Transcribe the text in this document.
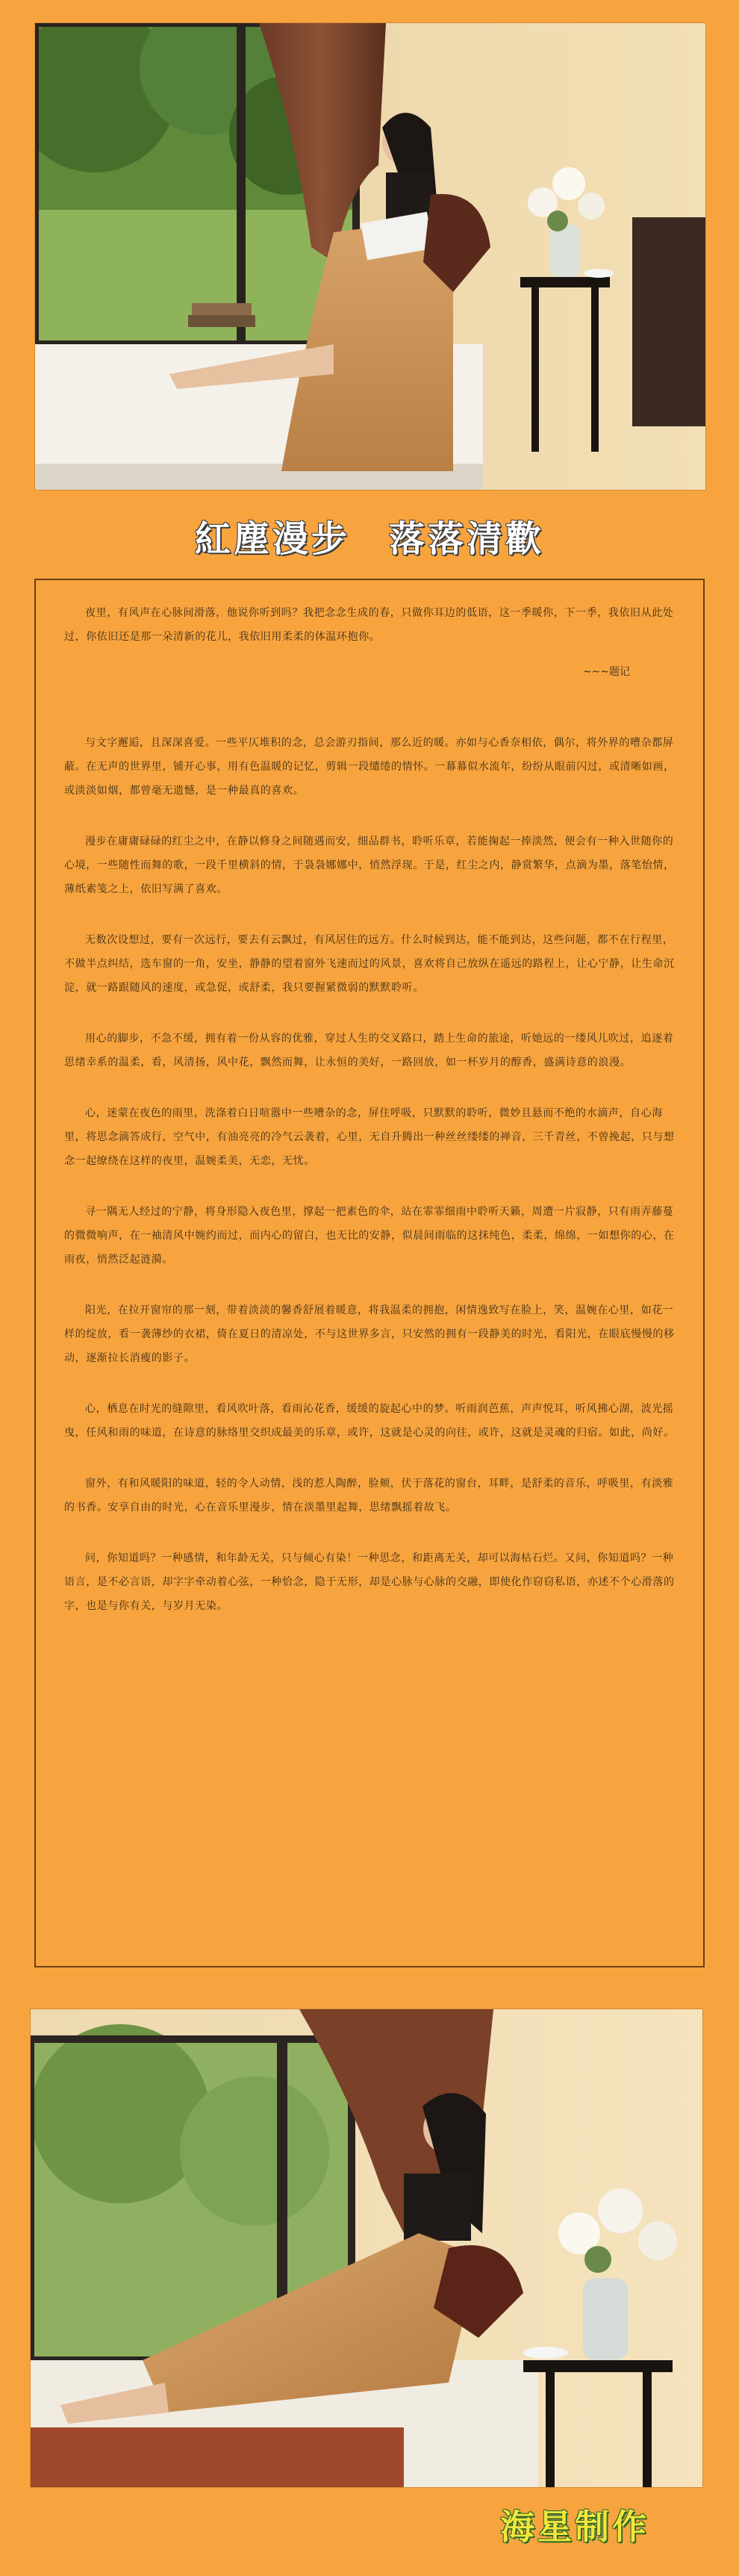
紅塵漫步　落落清歡

夜里，有风声在心脉间滑落，他说你听到吗？我把念念生成的春，只做你耳边的低语，这一季暖你，下一季，我依旧从此处过，你依旧还是那一朵清新的花儿，我依旧用柔柔的体温环抱你。

~~~题记

与文字邂逅，且深深喜爱。一些平仄堆积的念，总会游刃指间，那么近的暖。亦如与心香奈相依，偶尔，将外界的嘈杂都屏蔽。在无声的世界里，铺开心事，用有色温暖的记忆，剪辑一段缱绻的情怀。一幕幕似水流年，纷纷从眼前闪过，或清晰如画，或淡淡如烟，都曾毫无遗憾，是一种最真的喜欢。

漫步在庸庸碌碌的红尘之中，在静以修身之间随遇而安，细品群书，聆听乐章，若能掬起一捧淡然，便会有一种入世随你的心境，一些随性而舞的歌，一段千里横斜的情，于袅袅娜娜中，悄然浮现。于是，红尘之内，静赏繁华，点滴为墨，落笔怡情，薄纸素笺之上，依旧写满了喜欢。

无数次设想过，要有一次远行，要去有云飘过，有风居住的远方。什么时候到达，能不能到达，这些问题，都不在行程里，不做半点纠结，选车窗的一角，安坐，静静的望着窗外飞速而过的风景，喜欢将自己放纵在遥远的路程上，让心宁静，让生命沉淀，就一路跟随风的速度，或急促，或舒柔，我只要握紧微弱的默默聆听。

用心的脚步，不急不缓，拥有着一份从容的优雅，穿过人生的交叉路口，踏上生命的旅途，听她远的一缕风儿吹过，追逐着思绪幸系的温柔，看，风清扬，风中花，飘然而舞，让永恒的美好，一路回放，如一杯岁月的醇香，盛满诗意的浪漫。

心，迷蒙在夜色的雨里，洗涤着白日喧嚣中一些嘈杂的念，屏住呼吸，只默默的聆听，微妙且悬而不绝的水滴声，自心海里，将思念滴答成行，空气中，有油亮亮的冷气云袭着，心里，无自升腾出一种丝丝缕缕的禅音，三千青丝，不曾挽起，只与想念一起缭绕在这样的夜里，温婉柔美，无恋，无忧。

寻一隅无人经过的宁静，将身形隐入夜色里，撑起一把素色的伞，站在霏霏细雨中聆听天籁，周遭一片寂静，只有雨弄藤蔓的微微响声，在一袖清风中婉约而过，而内心的留白，也无比的安静，似晨间雨临的这抹纯色，柔柔，绵绵，一如想你的心，在雨夜，悄然泛起涟漪。

阳光，在拉开窗帘的那一刻，带着淡淡的馨香舒展着暖意，将我温柔的拥抱，闲情逸致写在脸上，笑，温婉在心里，如花一样的绽放，看一袭薄纱的衣裙，倚在夏日的清凉处，不与这世界多言，只安然的拥有一段静美的时光，看阳光，在眼底慢慢的移动，逐渐拉长消瘦的影子。

心，栖息在时光的缝隙里，看风吹叶落，看雨沁花香，缓缓的旋起心中的梦。听雨润芭蕉，声声悦耳，听风拂心湖，波光摇曳，任风和雨的味道，在诗意的脉络里交织成最美的乐章，或许，这就是心灵的向往，或许，这就是灵魂的归宿。如此，尚好。

窗外，有和风暖阳的味道，轻的令人动情，浅的惹人陶醉，脸颊，伏于落花的窗台，耳畔，是舒柔的音乐，呼吸里，有淡雅的书香。安享自由的时光，心在音乐里漫步，情在淡墨里起舞，思绪飘摇着故飞。

问，你知道吗？一种感情，和年龄无关，只与倾心有染！一种思念，和距离无关，却可以海枯石烂。又问，你知道吗？一种语言，是不必言语，却字字牵动着心弦，一种恰念，隐于无形，却是心脉与心脉的交融，即使化作窃窃私语，亦述不个心滑落的字，也是与你有关，与岁月无染。

海星制作
